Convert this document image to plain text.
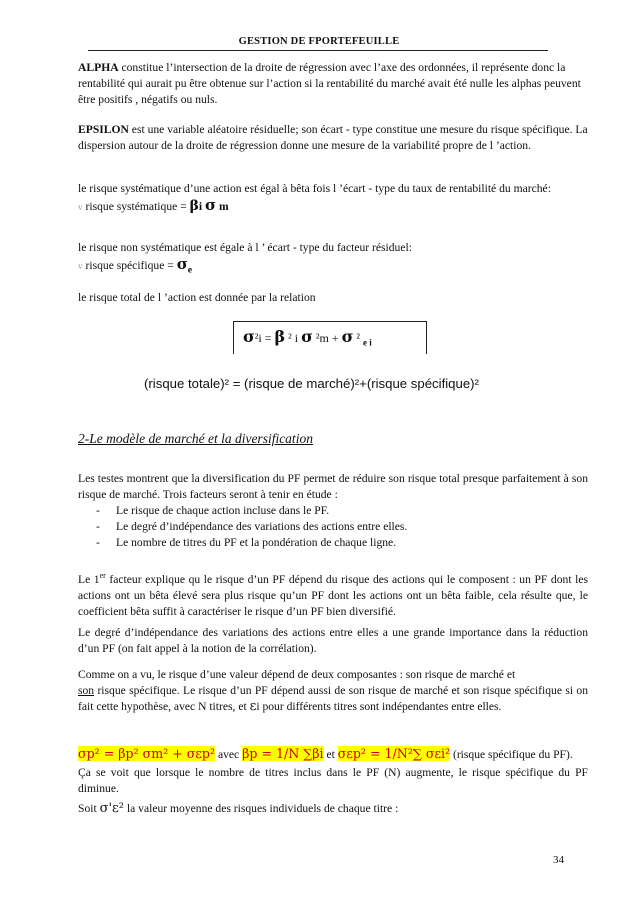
GESTION DE FPORTEFEUILLE

ALPHA constitue l’intersection de la droite de régression avec l’axe des ordonnées, il représente donc la rentabilité qui aurait pu être obtenue sur l’action si la rentabilité du marché avait été nulle les alphas peuvent être positifs , négatifs ou nuls.

EPSILON est une variable aléatoire résiduelle; son écart - type constitue une mesure du risque spécifique. La dispersion autour de la droite de régression donne une mesure de la variabilité propre de l ’action.

le risque systématique d’une action est égal à bêta fois l ’écart - type du taux de rentabilité du marché:

v risque systématique = βi σ m

le risque non systématique est égale à l ’ écart - type du facteur résiduel:

v risque spécifique = $\sigma_e$

le risque total de l ’action est donnée par la relation

σ²i = β ² i σ ²m + σ ² $_{e i}$
(risque totale)² = (risque de marché)²+(risque spécifique)²
2-Le modèle de marché et la diversification

Les testes montrent que la diversification du PF permet de réduire son risque total presque parfaitement à son risque de marché. Trois facteurs seront à tenir en étude :

- Le risque de chaque action incluse dans le PF.
- Le degré d’indépendance des variations des actions entre elles.
- Le nombre de titres du PF et la pondération de chaque ligne.

Le 1er facteur explique qu le risque d’un PF dépend du risque des actions qui le composent : un PF dont les actions ont un bêta élevé sera plus risque qu’un PF dont les actions ont un bêta faible, cela résulte que, le coefficient bêta suffit à caractériser le risque d’un PF bien diversifié.

Le degré d’indépendance des variations des actions entre elles a une grande importance dans la réduction d’un PF (on fait appel à la notion de la corrélation).

Comme on a vu, le risque d’une valeur dépend de deux composantes : son risque de marché et

son risque spécifique. Le risque d’un PF dépend aussi de son risque de marché et son risque spécifique si on fait cette hypothèse, avec N titres, et εi pour différents titres sont indépendantes entre elles.

σp² = βp² σm² + σεp² avec βp = 1/N ∑βi et σεp² = 1/N²∑ σεi² (risque spécifique du PF).

Ça se voit que lorsque le nombre de titres inclus dans le PF (N) augmente, le risque spécifique du PF diminue.

Soit σ'ε² la valeur moyenne des risques individuels de chaque titre :

34
